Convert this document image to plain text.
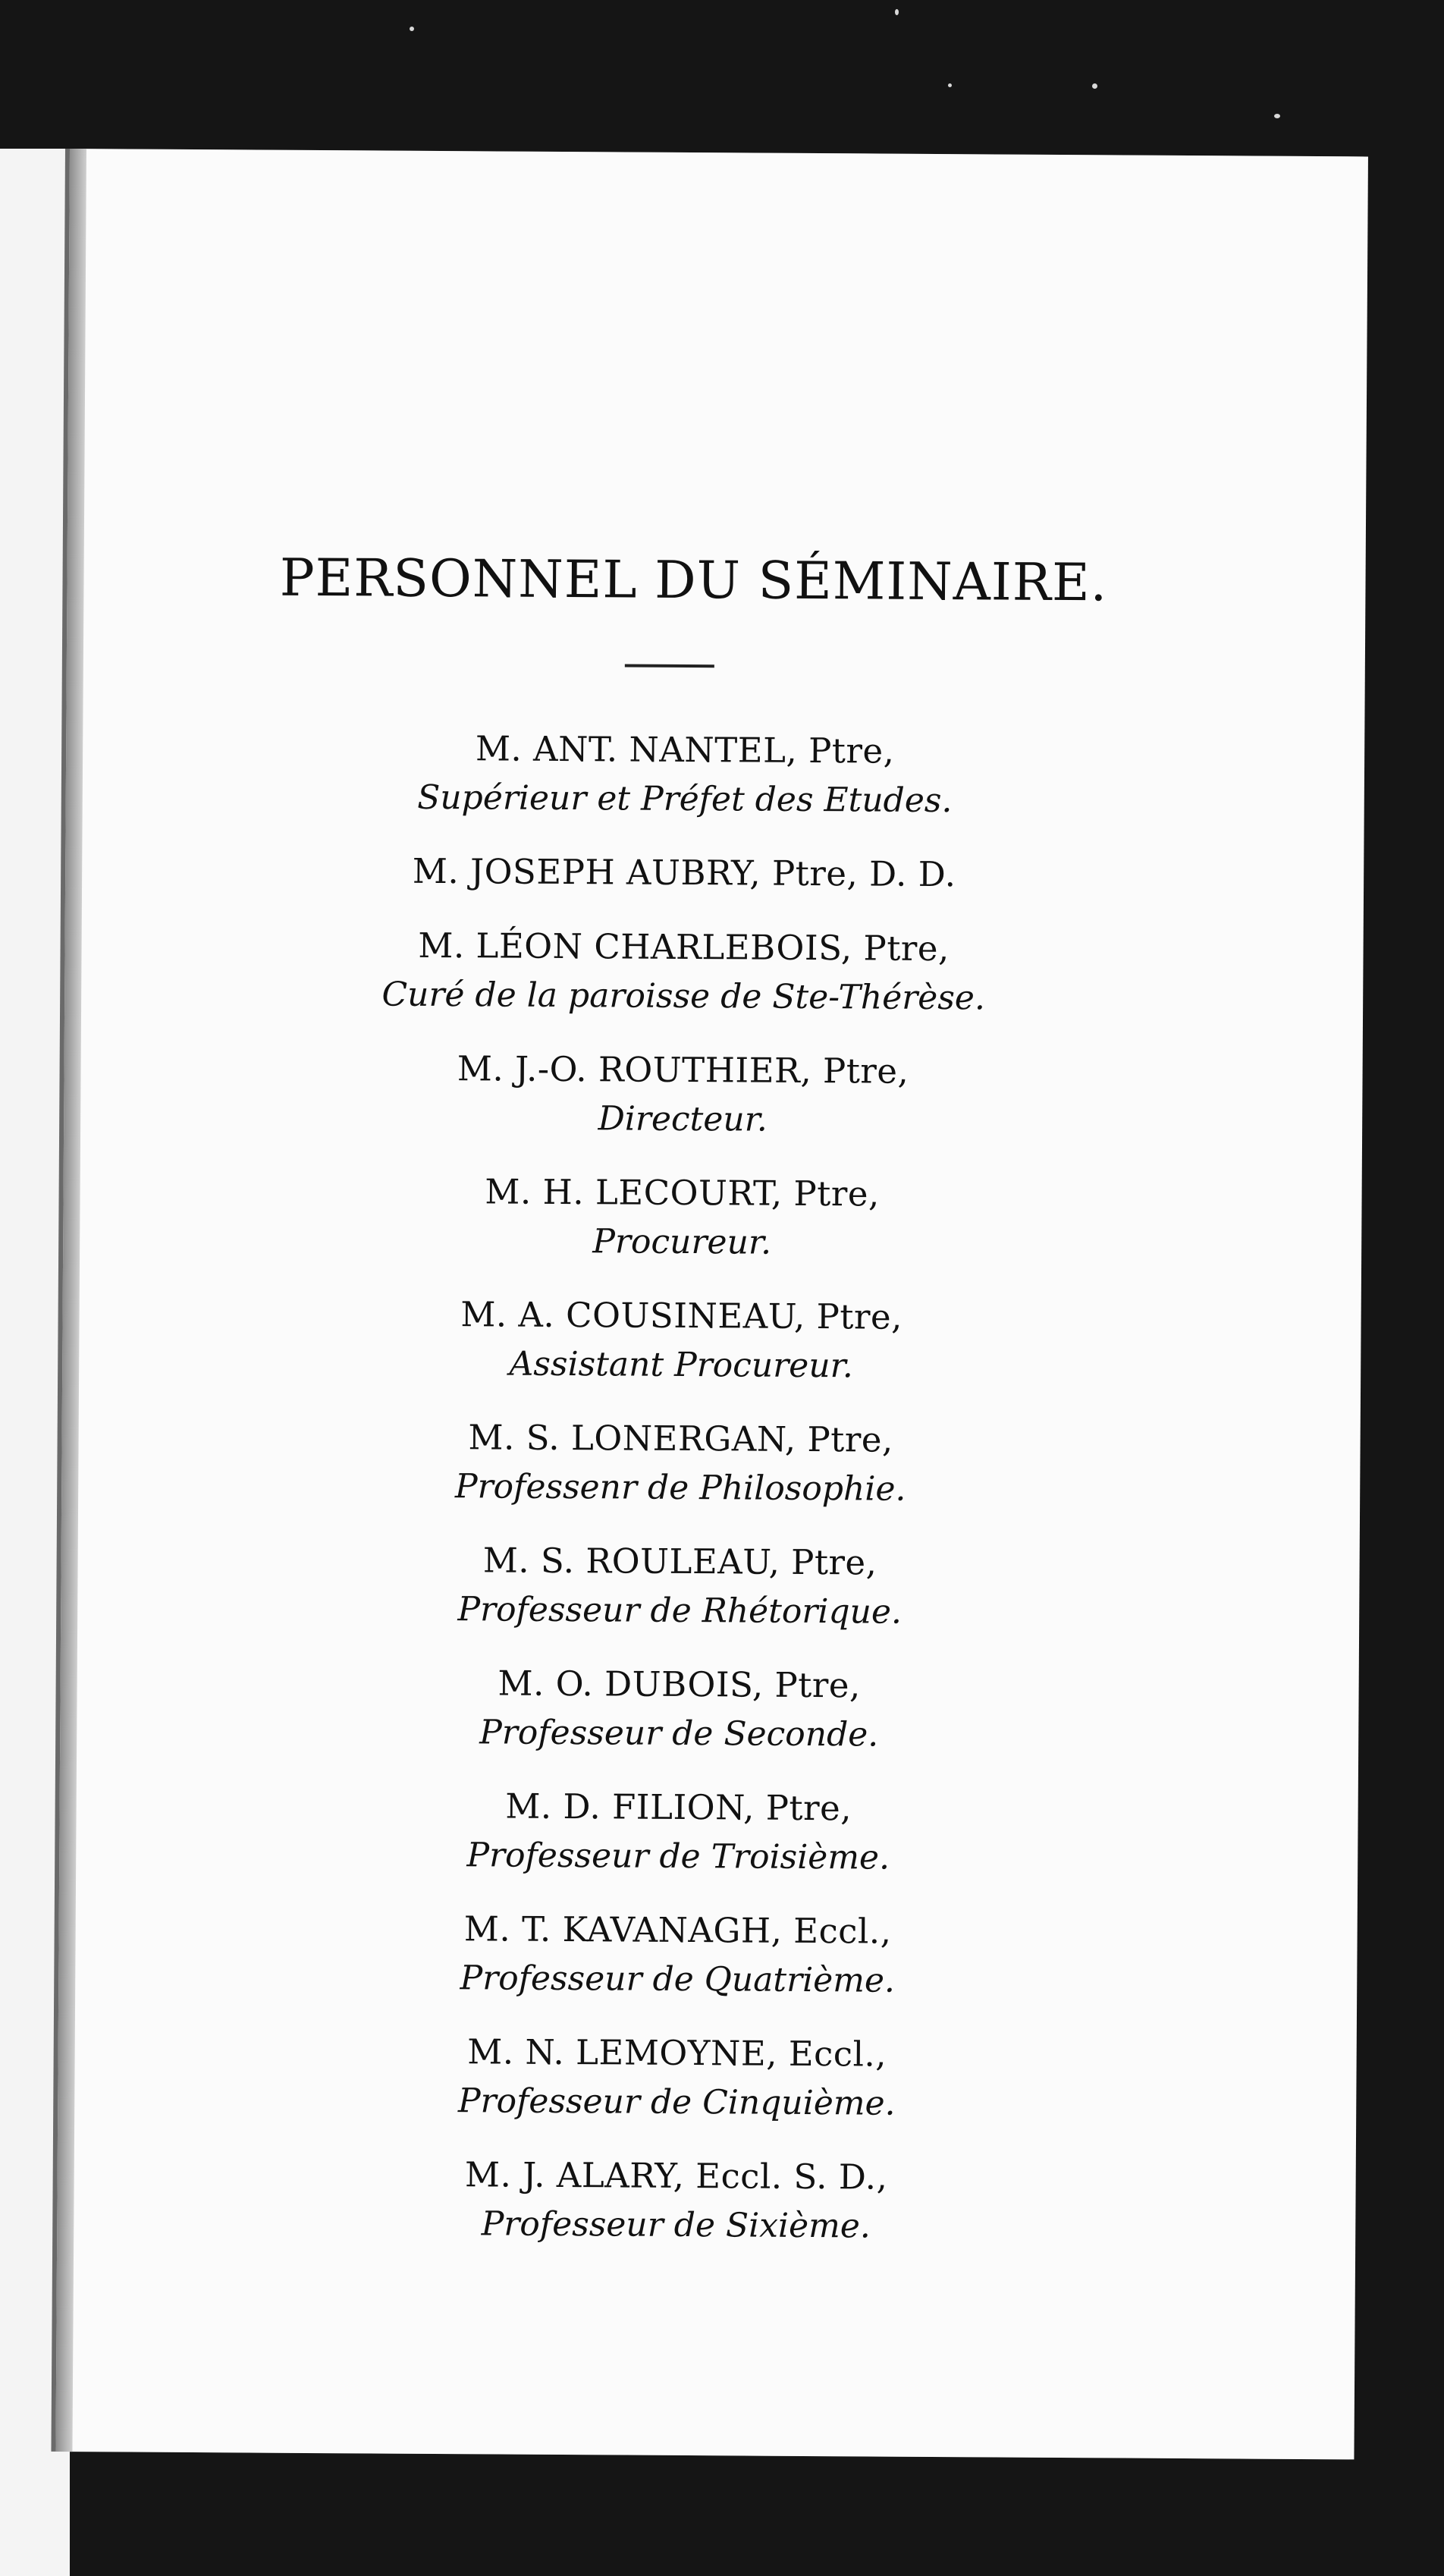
PERSONNEL DU SÉMINAIRE.
M. ANT. NANTEL, Ptre,
Supérieur et Préfet des Etudes.
M. JOSEPH AUBRY, Ptre, D. D.
M. LÉON CHARLEBOIS, Ptre,
Curé de la paroisse de Ste-Thérèse.
M. J.-O. ROUTHIER, Ptre,
Directeur.
M. H. LECOURT, Ptre,
Procureur.
M. A. COUSINEAU, Ptre,
Assistant Procureur.
M. S. LONERGAN, Ptre,
Professenr de Philosophie.
M. S. ROULEAU, Ptre,
Professeur de Rhétorique.
M. O. DUBOIS, Ptre,
Professeur de Seconde.
M. D. FILION, Ptre,
Professeur de Troisième.
M. T. KAVANAGH, Eccl.,
Professeur de Quatrième.
M. N. LEMOYNE, Eccl.,
Professeur de Cinquième.
M. J. ALARY, Eccl. S. D.,
Professeur de Sixième.
